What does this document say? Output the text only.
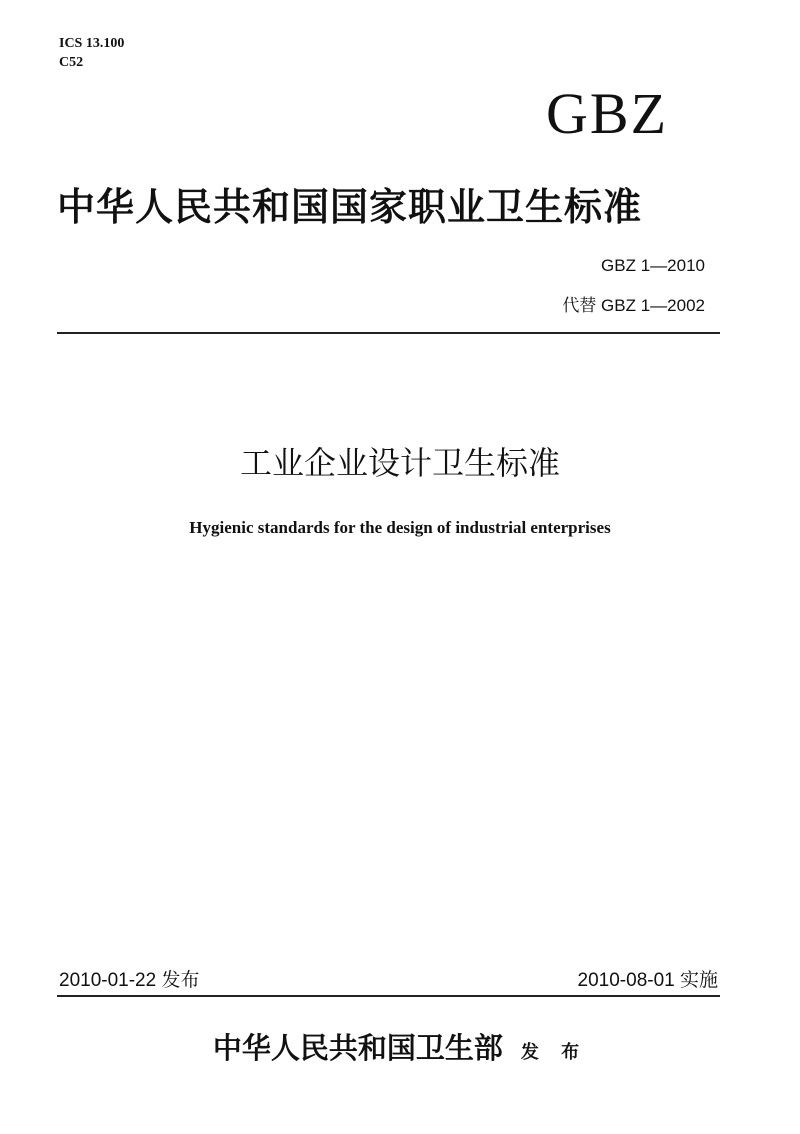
ICS 13.100
C52
GBZ
中华人民共和国国家职业卫生标准
GBZ 1—2010
代替 GBZ 1—2002
工业企业设计卫生标准
Hygienic standards for the design of industrial enterprises
2010-01-22 发布	2010-08-01 实施
中华人民共和国卫生部 发 布
